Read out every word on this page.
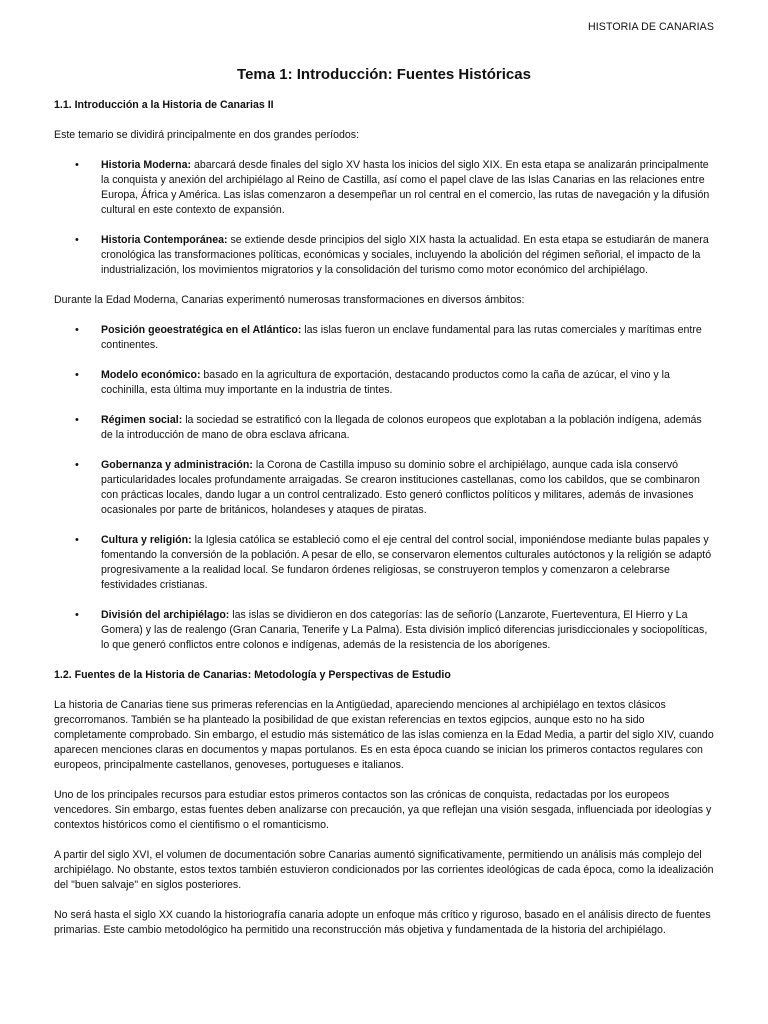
HISTORIA DE CANARIAS
Tema 1: Introducción: Fuentes Históricas
1.1. Introducción a la Historia de Canarias II

Este temario se dividirá principalmente en dos grandes períodos:

• Historia Moderna: abarcará desde finales del siglo XV hasta los inicios del siglo XIX. En esta etapa se analizarán principalmente la conquista y anexión del archipiélago al Reino de Castilla, así como el papel clave de las Islas Canarias en las relaciones entre Europa, África y América. Las islas comenzaron a desempeñar un rol central en el comercio, las rutas de navegación y la difusión cultural en este contexto de expansión.
• Historia Contemporánea: se extiende desde principios del siglo XIX hasta la actualidad. En esta etapa se estudiarán de manera cronológica las transformaciones políticas, económicas y sociales, incluyendo la abolición del régimen señorial, el impacto de la industrialización, los movimientos migratorios y la consolidación del turismo como motor económico del archipiélago.

Durante la Edad Moderna, Canarias experimentó numerosas transformaciones en diversos ámbitos:

• Posición geoestratégica en el Atlántico: las islas fueron un enclave fundamental para las rutas comerciales y marítimas entre continentes.
• Modelo económico: basado en la agricultura de exportación, destacando productos como la caña de azúcar, el vino y la cochinilla, esta última muy importante en la industria de tintes.
• Régimen social: la sociedad se estratificó con la llegada de colonos europeos que explotaban a la población indígena, además de la introducción de mano de obra esclava africana.
• Gobernanza y administración: la Corona de Castilla impuso su dominio sobre el archipiélago, aunque cada isla conservó particularidades locales profundamente arraigadas. Se crearon instituciones castellanas, como los cabildos, que se combinaron con prácticas locales, dando lugar a un control centralizado. Esto generó conflictos políticos y militares, además de invasiones ocasionales por parte de británicos, holandeses y ataques de piratas.
• Cultura y religión: la Iglesia católica se estableció como el eje central del control social, imponiéndose mediante bulas papales y fomentando la conversión de la población. A pesar de ello, se conservaron elementos culturales autóctonos y la religión se adaptó progresivamente a la realidad local. Se fundaron órdenes religiosas, se construyeron templos y comenzaron a celebrarse festividades cristianas.
• División del archipiélago: las islas se dividieron en dos categorías: las de señorío (Lanzarote, Fuerteventura, El Hierro y La Gomera) y las de realengo (Gran Canaria, Tenerife y La Palma). Esta división implicó diferencias jurisdiccionales y sociopolíticas, lo que generó conflictos entre colonos e indígenas, además de la resistencia de los aborígenes.
1.2. Fuentes de la Historia de Canarias: Metodología y Perspectivas de Estudio

La historia de Canarias tiene sus primeras referencias en la Antigüedad, apareciendo menciones al archipiélago en textos clásicos grecorromanos. También se ha planteado la posibilidad de que existan referencias en textos egipcios, aunque esto no ha sido completamente comprobado. Sin embargo, el estudio más sistemático de las islas comienza en la Edad Media, a partir del siglo XIV, cuando aparecen menciones claras en documentos y mapas portulanos. Es en esta época cuando se inician los primeros contactos regulares con europeos, principalmente castellanos, genoveses, portugueses e italianos.

Uno de los principales recursos para estudiar estos primeros contactos son las crónicas de conquista, redactadas por los europeos vencedores. Sin embargo, estas fuentes deben analizarse con precaución, ya que reflejan una visión sesgada, influenciada por ideologías y contextos históricos como el cientifismo o el romanticismo.

A partir del siglo XVI, el volumen de documentación sobre Canarias aumentó significativamente, permitiendo un análisis más complejo del archipiélago. No obstante, estos textos también estuvieron condicionados por las corrientes ideológicas de cada época, como la idealización del "buen salvaje" en siglos posteriores.

No será hasta el siglo XX cuando la historiografía canaria adopte un enfoque más crítico y riguroso, basado en el análisis directo de fuentes primarias. Este cambio metodológico ha permitido una reconstrucción más objetiva y fundamentada de la historia del archipiélago.
